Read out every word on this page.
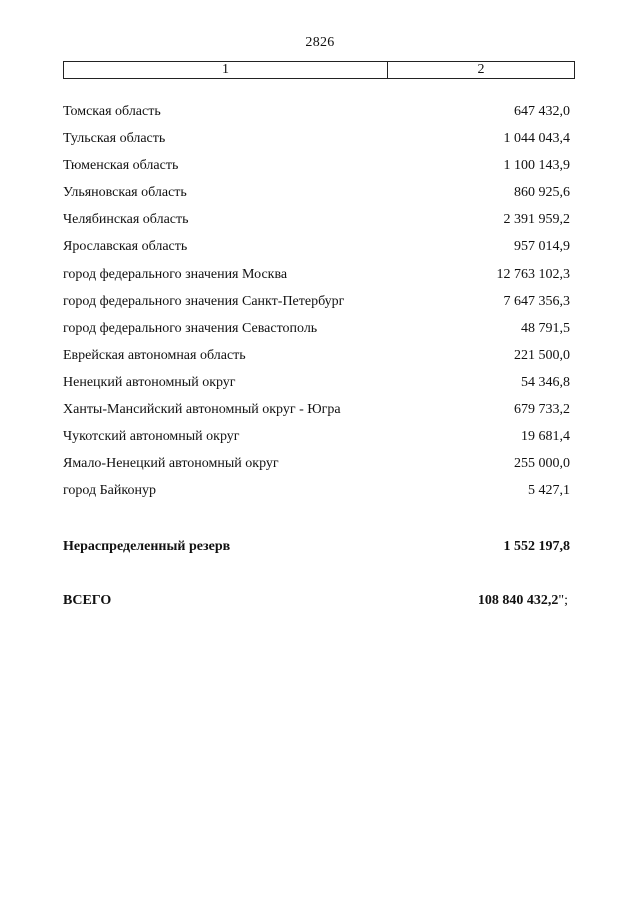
2826
1	2
Томская область	647 432,0
Тульская область	1 044 043,4
Тюменская область	1 100 143,9
Ульяновская область	860 925,6
Челябинская область	2 391 959,2
Ярославская область	957 014,9
город федерального значения Москва	12 763 102,3
город федерального значения Санкт-Петербург	7 647 356,3
город федерального значения Севастополь	48 791,5
Еврейская автономная область	221 500,0
Ненецкий автономный округ	54 346,8
Ханты-Мансийский автономный округ - Югра	679 733,2
Чукотский автономный округ	19 681,4
Ямало-Ненецкий автономный округ	255 000,0
город Байконур	5 427,1
Нераспределенный резерв	1 552 197,8
ВСЕГО	108 840 432,2";
